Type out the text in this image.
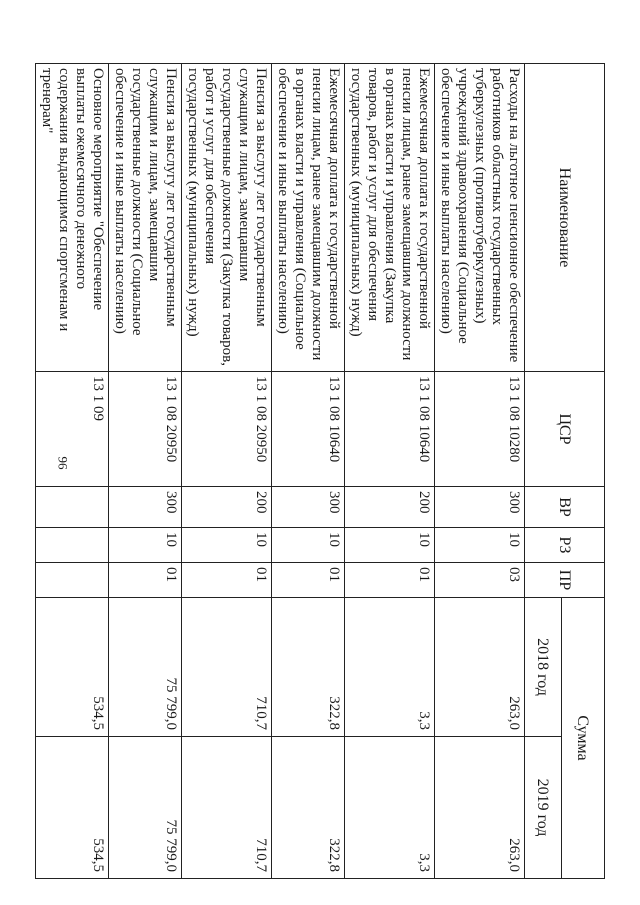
96
Наименование	ЦСР	ВР	РЗ	ПР	Сумма	
					2018 год	2019 год
Расходы на льготное пенсионное обеспечение работников областных государственных туберкулезных (противотуберкулезных) учреждений здравоохранения (Социальное обеспечение и иные выплаты населению)	13 1 08 10280	300	10	03	263,0	263,0
Ежемесячная доплата к государственной пенсии лицам, ранее замещавшим должности в органах власти и управления (Закупка товаров, работ и услуг для обеспечения государственных (муниципальных) нужд)	13 1 08 10640	200	10	01	3,3	3,3
Ежемесячная доплата к государственной пенсии лицам, ранее замещавшим должности в органах власти и управления (Социальное обеспечение и иные выплаты населению)	13 1 08 10640	300	10	01	322,8	322,8
Пенсия за выслугу лет государственным служащим и лицам, замещавшим государственные должности (Закупка товаров, работ и услуг для обеспечения государственных (муниципальных) нужд)	13 1 08 20950	200	10	01	710,7	710,7
Пенсия за выслугу лет государственным служащим и лицам, замещавшим государственные должности (Социальное обеспечение и иные выплаты населению)	13 1 08 20950	300	10	01	75 799,0	75 799,0
Основное мероприятие "Обеспечение выплаты ежемесячного денежного содержания выдающимся спортсменам и тренерам"	13 1 09				534,5	534,5
